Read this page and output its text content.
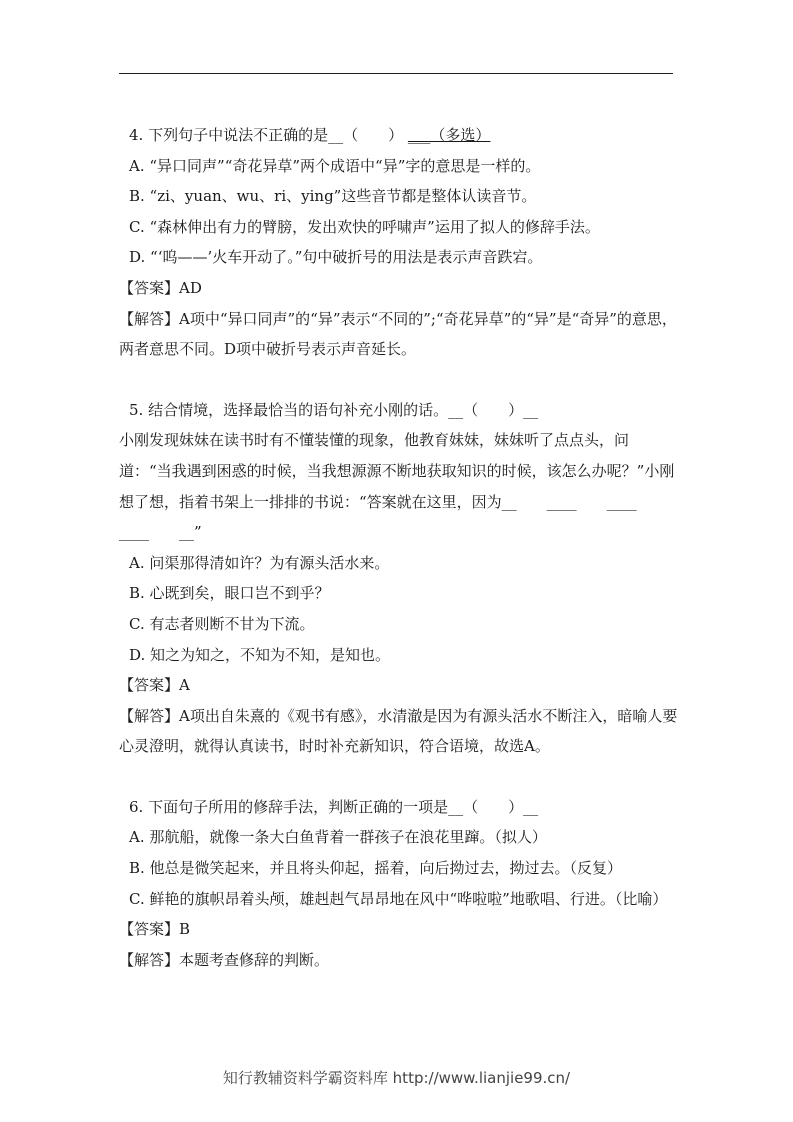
4. 下列句子中说法不正确的是__（　　） ___（多选）
A. “异口同声”“奇花异草”两个成语中“异”字的意思是一样的。
B. “zi、yuan、wu、ri、ying”这些音节都是整体认读音节。
C. “森林伸出有力的臂膀，发出欢快的呼啸声”运用了拟人的修辞手法。
D. “‘呜——’火车开动了。”句中破折号的用法是表示声音跌宕。
【答案】AD
【解答】A项中“异口同声”的“异”表示“不同的”;“奇花异草”的“异”是“奇异”的意思，两者意思不同。D项中破折号表示声音延长。
5. 结合情境，选择最恰当的语句补充小刚的话。__（　　）__
小刚发现妹妹在读书时有不懂装懂的现象，他教育妹妹，妹妹听了点点头，问道：“当我遇到困惑的时候，当我想源源不断地获取知识的时候，该怎么办呢？”小刚想了想，指着书架上一排排的书说：“答案就在这里，因为__　　____　　____　　____　　__”
A. 问渠那得清如许？为有源头活水来。
B. 心既到矣，眼口岂不到乎？
C. 有志者则断不甘为下流。
D. 知之为知之，不知为不知，是知也。
【答案】A
【解答】A项出自朱熹的《观书有感》，水清澈是因为有源头活水不断注入，暗喻人要心灵澄明，就得认真读书，时时补充新知识，符合语境，故选A。
6. 下面句子所用的修辞手法，判断正确的一项是__（　　）__
A. 那航船，就像一条大白鱼背着一群孩子在浪花里蹿。（拟人）
B. 他总是微笑起来，并且将头仰起，摇着，向后拗过去，拗过去。（反复）
C. 鲜艳的旗帜昂着头颅，雄赳赳气昂昂地在风中“哗啦啦”地歌唱、行进。（比喻）
【答案】B
【解答】本题考查修辞的判断。
知行教辅资料学霸资料库 http://www.lianjie99.cn/
